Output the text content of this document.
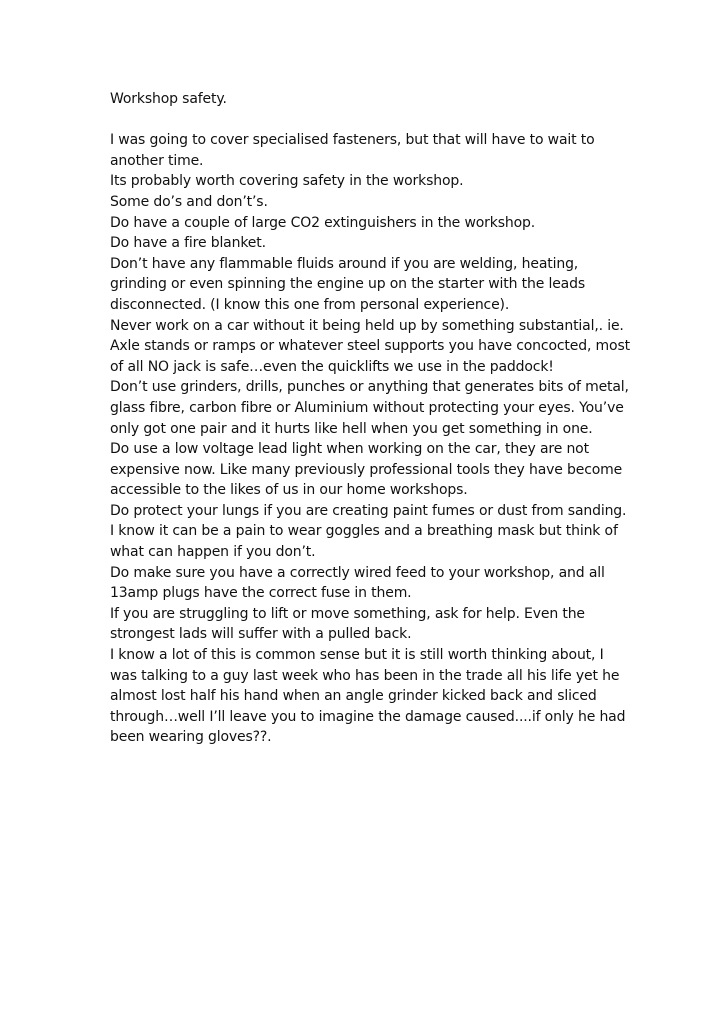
Workshop safety.

I was going to cover specialised fasteners, but that will have to wait to another time.

Its probably worth covering safety in the workshop.

Some do’s and don’t’s.

Do have a couple of large CO2 extinguishers in the workshop.

Do have a fire blanket.

Don’t have any flammable fluids around if you are welding, heating, grinding or even spinning the engine up on the starter with the leads disconnected. (I know this one from personal experience).

Never work on a car without it being held up by something substantial,. ie. Axle stands or ramps or whatever steel supports you have concocted, most of all NO jack is safe…even the quicklifts we use in the paddock!

Don’t use grinders, drills, punches or anything that generates bits of metal, glass fibre, carbon fibre or Aluminium without protecting your eyes. You’ve only got one pair and it hurts like hell when you get something in one.

Do use a low voltage lead light when working on the car, they are not expensive now. Like many previously professional tools they have become accessible to the likes of us in our home workshops.

Do protect your lungs if you are creating paint fumes or dust from sanding. I know it can be a pain to wear goggles and a breathing mask but think of what can happen if you don’t.

Do make sure you have a correctly wired feed to your workshop, and all 13amp plugs have the correct fuse in them.

If you are struggling to lift or move something, ask for help. Even the strongest lads will suffer with a pulled back.

I know a lot of this is common sense but it is still worth thinking about, I was talking to a guy last week who has been in the trade all his life yet he almost lost half his hand when an angle grinder kicked back and sliced through…well I’ll leave you to imagine the damage caused....if only he had been wearing gloves??.
